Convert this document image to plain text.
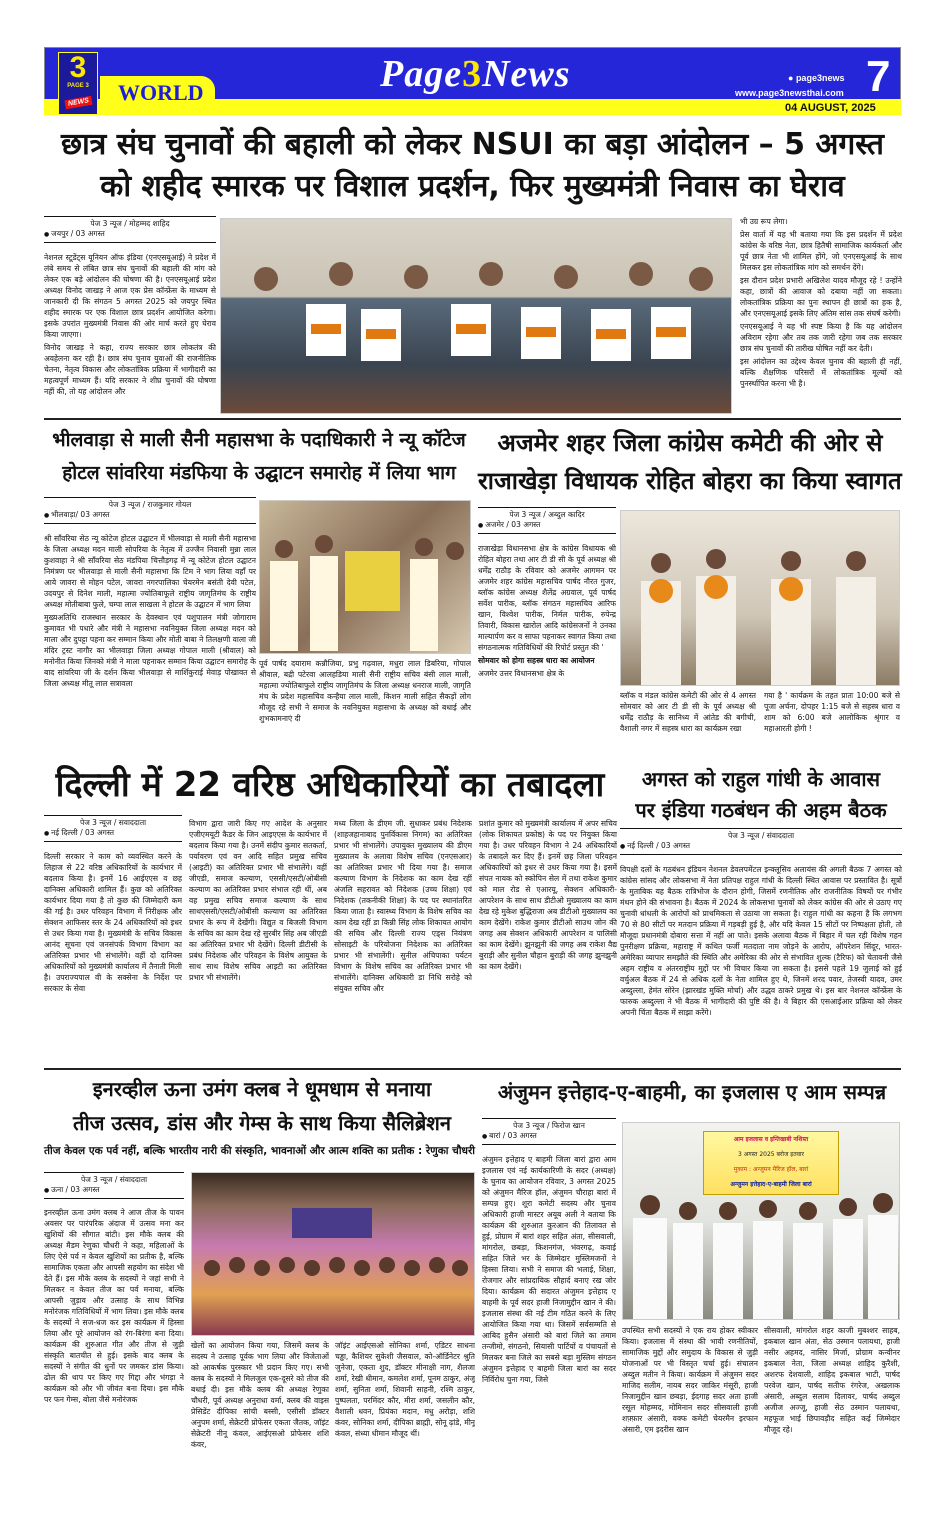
3
PAGE 3
NEWS	WORLD	Page3News	● page3news
www.page3newsthai.com 7
04 AUGUST, 2025
छात्र संघ चुनावों की बहाली को लेकर NSUI का बड़ा आंदोलन – 5 अगस्त
को शहीद स्मारक पर विशाल प्रदर्शन, फिर मुख्यमंत्री निवास का घेराव
पेज 3 न्यूज / मोहम्मद शाहिद
● जयपुर / 03 अगस्त

नेशनल स्टूडेंट्स यूनियन ऑफ इंडिया (एनएसयूआई) ने प्रदेश में लंबे समय से लंबित छात्र संघ चुनावों की बहाली की मांग को लेकर एक बड़े आंदोलन की घोषणा की है। एनएसयूआई प्रदेश अध्यक्ष विनोद जाखड़ ने आज एक प्रेस कॉन्फ्रेंस के माध्यम से जानकारी दी कि संगठन 5 अगस्त 2025 को जयपुर स्थित शहीद स्मारक पर एक विशाल छात्र प्रदर्शन आयोजित करेगा। इसके उपरांत मुख्यमंत्री निवास की ओर मार्च करते हुए घेराव किया जाएगा।

विनोद जाखड़ ने कहा, राज्य सरकार छात्र लोकतंत्र की अवहेलना कर रही है। छात्र संघ चुनाव युवाओं की राजनीतिक चेतना, नेतृत्व विकास और लोकतांत्रिक प्रक्रिया में भागीदारी का महत्वपूर्ण माध्यम हैं। यदि सरकार ने शीघ्र चुनावों की घोषणा नहीं की, तो यह आंदोलन और

भी उग्र रूप लेगा।

प्रेस वार्ता में यह भी बताया गया कि इस प्रदर्शन में प्रदेश कांग्रेस के वरिष्ठ नेता, छात्र हितैषी सामाजिक कार्यकर्ता और पूर्व छात्र नेता भी शामिल होंगे, जो एनएसयूआई के साथ मिलकर इस लोकतांत्रिक मांग को समर्थन देंगे।

इस दौरान प्रदेश प्रभारी अखिलेश यादव मौजूद रहे ! उन्होंने कहा, छात्रों की आवाज को दबाया नहीं जा सकता। लोकतांत्रिक प्रक्रिया का पुनः स्थापन ही छात्रों का हक है, और एनएसयूआई इसके लिए अंतिम सांस तक संघर्ष करेगी।

एनएसयूआई ने यह भी स्पष्ट किया है कि यह आंदोलन अविराम रहेगा और तब तक जारी रहेगा जब तक सरकार छात्र संघ चुनावों की तारीख घोषित नहीं कर देती।

इस आंदोलन का उद्देश्य केवल चुनाव की बहाली ही नहीं, बल्कि शैक्षणिक परिसरों में लोकतांत्रिक मूल्यों को पुनर्स्थापित करना भी है।

भीलवाड़ा से माली सैनी महासभा के पदाधिकारी ने न्यू कॉटेज
होटल सांवरिया मंडफिया के उद्घाटन समारोह में लिया भाग
पेज 3 न्यूज / राजकुमार गोयल
● भीलवाड़ा/ 03 अगस्त

श्री सॉंवरिया सेठ न्यू कोटेज होटल उद्घाटन में भीलवाड़ा से माली सैनी महासभा के जिला अध्यक्ष मदन माली सोपरिया के नेतृत्व में उज्जैन निवासी मुन्ना लाल कुशवाहा ने श्री सॉंवरिया सेठ मंडपिया चित्तौड़गढ़ में न्यू कोटेज होटल उद्घाटन निमंत्रण पर भीलवाड़ा से माली सैनी महासभा कि टिम ने भाग लिया वहाँ पर आये जावरा से मोहन पटेल, जावरा नगरपालिका चेयरमेन बसंती देवी पटेल, उदयपुर से दिनेश माली, महात्मा ज्योतिबाफूले राष्ट्रीय जागृतिमंच के राष्ट्रीय अध्यक्ष मोतीबाबा फुले, चम्पा लाल साखला ने होटल के उद्घाटन में भाग लिया

मुख्यअतिथि राजस्थान सरकार के देवस्थान एवं पशुपालन मंत्री जोगाराम कुमावत भी पधारे और मंत्री ने महासभा नवनियुक्त जिला अध्यक्ष मदन को माला और दुपट्टा पहना कर सम्मान किया और मोती बाबा ने तिलक्षणी वाला जी मंदिर ट्रस्ट नागौर का भीलवाड़ा जिला अध्यक्ष गोपाल माली (श्रीवाल) को मनोनीत किया जिनको मंत्री ने माला पहनाकर सम्मान किया उद्घाटन समारोह के बाद सांवरिया जी के दर्शन किया भीलवाड़ा से मार्शिकुराई मेवाड़ पोखावत से जिला अध्यक्ष मीतू लाल सत्रावला

पूर्व पार्षद दयाराम कन्नौजिया, प्रभु गढ़वाल, मधुरा लाल डिबरिया, गोपाल श्रीवाल, बद्री पटेरवा आलहडिया माली सैनी राष्ट्रीय सचिव बंसी लाल माली, महात्मा ज्योतिबाफुले राष्ट्रीय जागृतिमंच के जिला अध्यक्ष धनराज माली, जागृति मंच के प्रदेश महासचिव कन्हैया लाल माली, किशन माली सहित सैकड़ों लोग मौजूद रहे सभी ने समाज के नवनियुक्त महासभा के अध्यक्ष को बधाई और शुभकामनाएं दी
अजमेर शहर जिला कांग्रेस कमेटी की ओर से
राजाखेड़ा विधायक रोहित बोहरा का किया स्वागत
पेज 3 न्यूज / अब्दुल कादिर
● अजमेर / 03 अगस्त

राजाखेड़ा विधानसभा क्षेत्र के कांग्रेस विधायक श्री रोहित बोहरा तथा आर टी डी सी के पूर्व अध्यक्ष श्री धर्मेंद्र राठौड़ के रविवार को अजमेर आगमन पर अजमेर शहर कांग्रेस महासचिव पार्षद नौरत गुजर, ब्लॉक कांग्रेस अध्यक्ष शैलेंद्र अग्रवाल, पूर्व पार्षद सर्वेश पारीक, ब्लॉक संगठन महासचिव आरिफ खान, विश्वेश पारीक, निर्मल पारीक, रुपेन्द्र तिवारी, विकास खारोल आदि कांग्रेसजनों ने उनका माल्यार्पण कर व साफा पहनाकर स्वागत किया तथा संगठनात्मक गतिविधियों की रिपोर्ट प्रस्तुत की '

सोमवार को होगा सहस्त्र धारा का आयोजन

अजमेर उत्तर विधानसभा क्षेत्र के

ब्लॉक व मंडल कांग्रेस कमेटी की ओर से 4 अगस्त सोमवार को आर टी डी सी के पूर्व अध्यक्ष श्री धर्मेंद्र राठौड़ के सानिध्य में आंतेड की बगीची, वैशाली नगर में सहस्त्र धारा का कार्यक्रम रखा
गया है ' कार्यक्रम के तहत प्रातः 10:00 बजे से पूजा अर्चना, दोपहर 1:15 बजे से सहस्त्र धारा व शाम को 6:00 बजे आलोकिक श्रृंगार व महाआरती होगी !
दिल्ली में 22 वरिष्ठ अधिकारियों का तबादला
पेज 3 न्यूज / सवाददाता
● नई दिल्ली / 03 अगस्त
दिल्ली सरकार ने काम को व्यवस्थित करने के लिहाज से 22 वरिष्ठ अधिकारियों के कार्यभार में बदलाव किया है। इनमें 16 आईएएस व छह दानिक्स अधिकारी शामिल हैं। कुछ को अतिरिक्त कार्यभार दिया गया है तो कुछ की जिम्मेदारी कम की गई है। उधर परिवहन विभाग में निरीक्षक और सेक्शन आफिसर स्तर के 24 अधिकारियों को इधर से उधर किया गया है। मुख्यमंत्री के सचिव विकास आनंद सूचना एवं जनसंपर्क विभाग विभाग का अतिरिक्त प्रभार भी संभालेंगे। वहीं दो दानिक्स अधिकारियों को मुख्यमंत्री कार्यालय में तैनाती मिली है। उपराज्यपाल वी के सक्सेना के निर्देश पर सरकार के सेवा
विभाग द्वारा जारी किए गए आदेश के अनुसार एजीएमयूटी कैडर के जिन आइएएस के कार्यभार में बदलाव किया गया है। उनमें संदीप कुमार सतकर्ता, पर्यावरण एवं वन आदि सहित प्रमुख सचिव (आइटी) का अतिरिक्त प्रभार भी संभालेंगे। वहीं जीएडी, समाज कल्याण, एससी/एसटी/ओबीसी कल्याण का अतिरिक्त प्रभार संभाल रही थीं, अब वह प्रमुख सचिव समाज कल्याण के साथ साथएससी/एसटी/ओबीसी कल्याण का अतिरिक्त प्रभार के रूप में देखेंगी। विद्युत व बिजली विभाग के सचिव का काम देख रहे सुरबीर सिंह अब जीएडी का अतिरिक्त प्रभार भी देखेंगे। दिल्ली डीटीसी के प्रबंध निदेशक और परिवहन के विशेष आयुक्त के साथ साथ विशेष सचिव आइटी का अतिरिक्त प्रभार भी संभालेंगे।
मध्य जिला के डीएम जी. सुधाकर प्रबंध निदेशक (शाहजहानाबाद पुनर्विकास निगम) का अतिरिक्त प्रभार भी संभालेंगे। उपायुक्त मुख्यालय की डीएम मुख्यालय के अलावा विशेष सचिव (एनएसआर) का अतिरिक्त प्रभार भी दिया गया है। समाज कल्याण विभाग के निदेशक का काम देख रहीं अंजलि सहरावत को निदेशक (उच्च शिक्षा) एवं निदेशक (तकनीकी शिक्षा) के पद पर स्थानांतरित किया जाता है। स्वास्थ्य विभाग के विशेष सचिव का काम देख रहीं डा किन्नी सिंह लोक शिकायत आयोग की सचिव और दिल्ली राज्य एड्स नियंत्रण सोसाइटी के परियोजना निदेशक का अतिरिक्त प्रभार भी संभालेंगी। सुनील अंचिपाका पर्यटन विभाग के विशेष सचिव का अतिरिक्त प्रभार भी संभालेंगे। दानिक्स अधिकारी डा निधि सरोहे को संयुक्त सचिव और
प्रशांत कुमार को मुख्यमंत्री कार्यालय में अपर सचिव (लोक शिकायत प्रकोष्ठ) के पद पर नियुक्त किया गया है। उधर परिवहन विभाग ने 24 अधिकारियों के तबादले कर दिए हैं। इनमें छह जिला परिवहन अधिकारियों को इधर से उधर किया गया है। इसमें संपत नायक को स्कोपिन सेल में तथा राकेश कुमार को माल रोड से एआरयू, सेक्शन अधिकारी- आपरेशन के साथ साथ डीटीओ मुख्यालय का काम देख रहे मुकेश बुद्धिराजा अब डीटीओ मुख्यालय का काम देखेंगे। राकेश कुमार डीटीओ साउथ जोन की जगह अब सेक्शन अधिकारी आपरेशन व पालिसी का काम देखेंगे। झुनझुनी की जगह अब राकेश वैद्य बुराड़ी और सुनील चौहान बुराड़ी की जगह झुनझुनी का काम देखेंगे।
अगस्त को राहुल गांधी के आवास
पर इंडिया गठबंधन की अहम बैठक
पेज 3 न्यूज / संवाददाता
● नई दिल्ली / 03 अगस्त
विपक्षी दलों के गठबंधन इंडियन नेशनल डेवलपमेंटल इन्क्लूसिव अलायंस की अगली बैठक 7 अगस्त को कांग्रेस सांसद और लोकसभा में नेता प्रतिपक्ष राहुल गांधी के दिल्ली स्थित आवास पर प्रस्तावित है। सूत्रों के मुताबिक यह बैठक रात्रिभोज के दौरान होगी, जिसमें रणनीतिक और राजनीतिक विषयों पर गंभीर मंथन होने की संभावना है। बैठक में 2024 के लोकसभा चुनावों को लेकर कांग्रेस की ओर से उठाए गए चुनावी धांधली के आरोपों को प्राथमिकता से उठाया जा सकता है। राहुल गांधी का कहना है कि लगभग 70 से 80 सीटों पर मतदान प्रक्रिया में गड़बड़ी हुई है, और यदि केवल 15 सीटों पर निष्पक्षता होती, तो मौजूदा प्रधानमंत्री दोबारा सत्ता में नहीं आ पाते। इसके अलावा बैठक में बिहार में चल रही विशेष गहन पुनरीक्षण प्रक्रिया, महाराष्ट्र में कथित फर्जी मतदाता नाम जोड़ने के आरोप, ऑपरेशन सिंदूर, भारत-अमेरिका व्यापार समझौते की स्थिति और अमेरिका की ओर से संभावित शुल्क (टैरिफ) को चेतावनी जैसे अहम राष्ट्रीय व अंतरराष्ट्रीय मुद्दों पर भी विचार किया जा सकता है। इससे पहले 19 जुलाई को हुई वर्चुअल बैठक में 24 से अधिक दलों के नेता शामिल हुए थे, जिनमें शरद पवार, तेजस्वी यादव, उमर अब्दुल्ला, हेमंत सोरेन (झारखंड मुक्ति मोर्चा) और उद्धव ठाकरे प्रमुख थे। इस बार नेशनल कॉन्फ्रेंस के फारुक अब्दुल्ला ने भी बैठक में भागीदारी की पुष्टि की है। वे बिहार की एसआईआर प्रक्रिया को लेकर अपनी चिंता बैठक में साझा करेंगे।
इनरव्हील ऊना उमंग क्लब ने धूमधाम से मनाया
तीज उत्सव, डांस और गेम्स के साथ किया सैलिब्रेशन
तीज केवल एक पर्व नहीं, बल्कि भारतीय नारी की संस्कृति, भावनाओं और आत्म शक्ति का प्रतीक : रेणुका चौधरी
पेज 3 न्यूज / संवाददाता
● ऊना / 03 अगस्त
इनरव्हील ऊना उमंग क्लब ने आज तीज के पावन अवसर पर पारंपरिक अंदाज में उत्सव मना कर खुशियों की सौगात बांटी। इस मौके क्लब की अध्यक्ष मैडम रेणुका चौधरी ने कहा, महिलाओं के लिए ऐसे पर्व न केवल खुशियों का प्रतीक है, बल्कि सामाजिक एकता और आपसी सहयोग का संदेश भी देते हैं। इस मौके क्लब के सदस्यों ने जहां सभी ने मिलकर न केवल तीज का पर्व मनाया, बल्कि आपसी जुड़ाव और उत्साह के साथ विभिन्न मनोरंजक गतिविधियों में भाग लिया। इस मौके क्लब के सदस्यों ने सज-धज कर इस कार्यक्रम में हिस्सा लिया और पूरे आयोजन को रंग-बिरंगा बना दिया। कार्यक्रम की शुरुआत गीत और तीज से जुड़ी संस्कृति बातचीत से हुई। इसके बाद क्लब के सदस्यों ने संगीत की धुनों पर जमकर डांस किया। ढोल की थाप पर किए गए गिद्दा और भंगड़ा ने कार्यक्रम को और भी जीवंत बना दिया। इस मौके पर फन गेम्स, बोला जैसे मनोरंजक
खेलों का आयोजन किया गया, जिसमें क्लब के सदस्य ने उत्साह पूर्वक भाग लिया और विजेताओं को आकर्षक पुरस्कार भी प्रदान किए गए। सभी क्लब के सदस्यों ने मिलजुल एक-दूसरे को तीज की बधाई दी। इस मौके क्लब की अध्यक्ष रेणुका चौधरी, पूर्व अध्यक्ष अनुराधा वर्मा, क्लब की वाइस प्रेसिडेंट दीपिका सांची बस्सी, एसीसी डॉक्टर अनुपम शर्मा, सेक्रेटरी प्रोफेसर एकता जैतक, जॉइंट सेक्रेटरी नीनू कंवल, आईएसओ प्रोफेसर शशि कंवर,
जॉइंट आईएसओ सोनिका शर्मा, एडिटर साधना चड्ढा, कैशियर सुकेशी जैसवाल, को-ऑर्डिनेटर श्रुति जुनेजा, एकता शुद, डॉक्टर मीनाक्षी नाग, शैलजा शर्मा, रेखी धीमान, कमलेश शर्मा, पूनम ठाकुर, अंजू शर्मा, सुनिता शर्मा, शिवानी साहनी, रश्मि ठाकुर, पुष्पलता, परमिंदर कौर, मीरा शर्मा, जसलीन कौर, वैशाली धवन, प्रियंका मदान, मधु अरोड़ा, शशि कंवर, सोनिका शर्मा, दीपिका ब्राह्मी, सोनू ढ़ांडे, मीनू कंवल, संध्या धीमान मौजूद थीं।
अंजुमन इत्तेहाद-ए-बाहमी, का इजलास ए आम सम्पन्न
पेज 3 न्यूज / फिरोज खान
● बारां / 03 अगस्त
अंजुमन इत्तेहाद ए बाहमी जिला बारां द्वारा आम इजलास एवं नई कार्यकारिणी के सदर (अध्यक्ष) के चुनाव का आयोजन रविवार, 3 अगस्त 2025 को अंजुमन मैरिज हॉल, अंजुमन चौराहा बारां में सम्पन्न हुए। शूरा कमेटी सदस्य और चुनाव अधिकारी हाजी मास्टर अयूब अली ने बताया कि कार्यक्रम की शुरुआत कुरआन की तिलावत से हुई, प्रोग्राम में बारां शहर सहित अंता, सीसवाली, मांगरोल, छबड़ा, किशनगंज, भंवरगढ़, कवाई सहित जिले भर के जिम्मेदार मुस्लिमजनों ने हिस्सा लिया। सभी ने समाज की भलाई, शिक्षा, रोजगार और सांप्रदायिक सौहार्द बनाए रख जोर दिया। कार्यक्रम की सदारत अंजुमन इत्तेहाद ए बाहमी के पूर्व सदर हाजी निजामुद्दीन खान ने की। इजलास संस्था की नई टीम गठित करने के लिए आयोजित किया गया था। जिसमें सर्वसम्मति से आबिद हुसैन अंसारी को बारां जिले का तमाम तन्जीमो, संगठनो, सियासी पार्टियों व पंचायतों से मिलकर बना जिले का सबसे बड़ा मुस्लिम संगठन अंजुमन इत्तेहाद ए बाहमी जिला बारां का सदर निर्विरोध चुना गया, जिसे
आम इजलास व इन्तिखाबी नशिस्त
3 अगस्त 2025 बरोज इतवार
मुकाम : अन्जुमन मैरिज हॉल, बारां
अन्जुमन इत्तेहाद-ए-बाहमी जिला बारां
उपस्थित सभी सदस्यों ने एक राय होकर स्वीकार किया। इजलास में संस्था की भावी रणनीतियों, सामाजिक मुद्दों और समुदाय के विकास से जुड़ी योजनाओं पर भी विस्तृत चर्चा हुई। संचालन अब्दुल मतीन ने किया। कार्यक्रम में अंजुमन सदर माजिद सलीम, नायब सदर जाकिर मंसूरी, हाजी निजामुद्दीन खान छबड़ा, ईदगाह सदर अता हाजी रसूल मोहम्मद, मोमिनान सदर सीसवाली हाजी शफ़्फ़ार अंसारी, वक्फ कमेटी चेयरमैन इरफान अंसारी, एम इदरीस खान
सीसवाली, मांगरोल शहर काजी मुबश्शर साहब, इकबाल खान अंता, सेठ उस्मान पलायथा, हाजी नसीर अहमद, नासिर मिर्जा, प्रोग्राम कन्वीनर इकबाल नेता, जिला अध्यक्ष शाहिद कुरैशी, अशरफ देशवाली, शाहिद इकबाल भाटी, पार्षद परवेज खान, पार्षद सतीफ रंगरेज, अखलाक अंसारी, अब्दुल सलाम दिलावर, पार्षद अब्दुल अजीज अज्जू, हाजी सेठ उस्मान पलायथा, महफूज भाई छिपावड़ौद सहित कई जिम्मेदार मौजूद रहे।
